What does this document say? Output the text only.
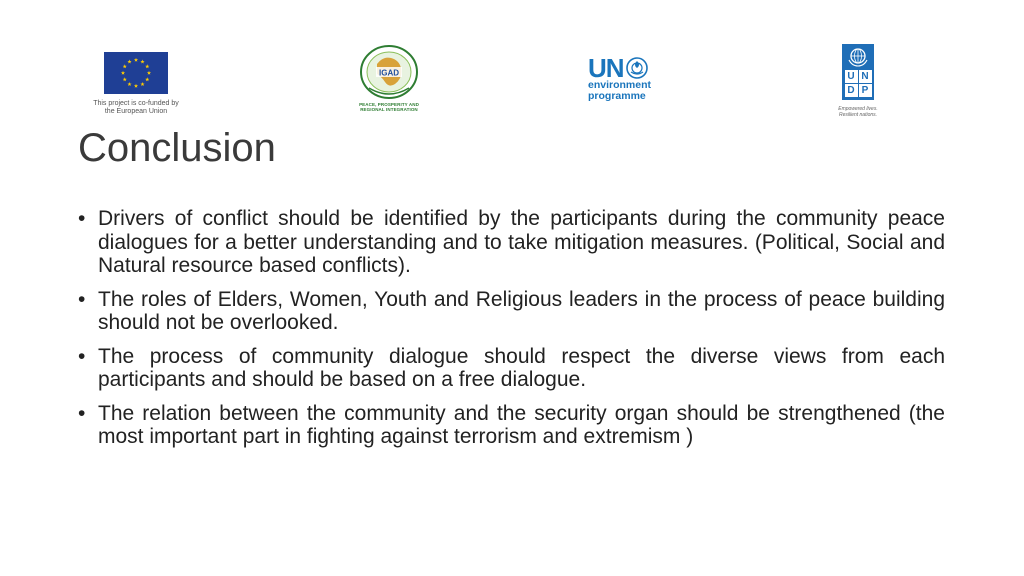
This project is co-funded by
the European Union
IGAD
PEACE, PROSPERITY AND
REGIONAL INTEGRATION
UN
environment
programme
U N
D P
Empowered lives.
Resilient nations.
Conclusion
• Drivers of conflict should be identified by the participants during the community peace dialogues for a better understanding and to take mitigation measures. (Political, Social and Natural resource based conflicts).
• The roles of Elders, Women, Youth and Religious leaders in the process of peace building should not be overlooked.
• The process of community dialogue should respect the diverse views from each participants and should be based on a free dialogue.
• The relation between the community and the security organ should be strengthened (the most important part in fighting against terrorism and extremism )
